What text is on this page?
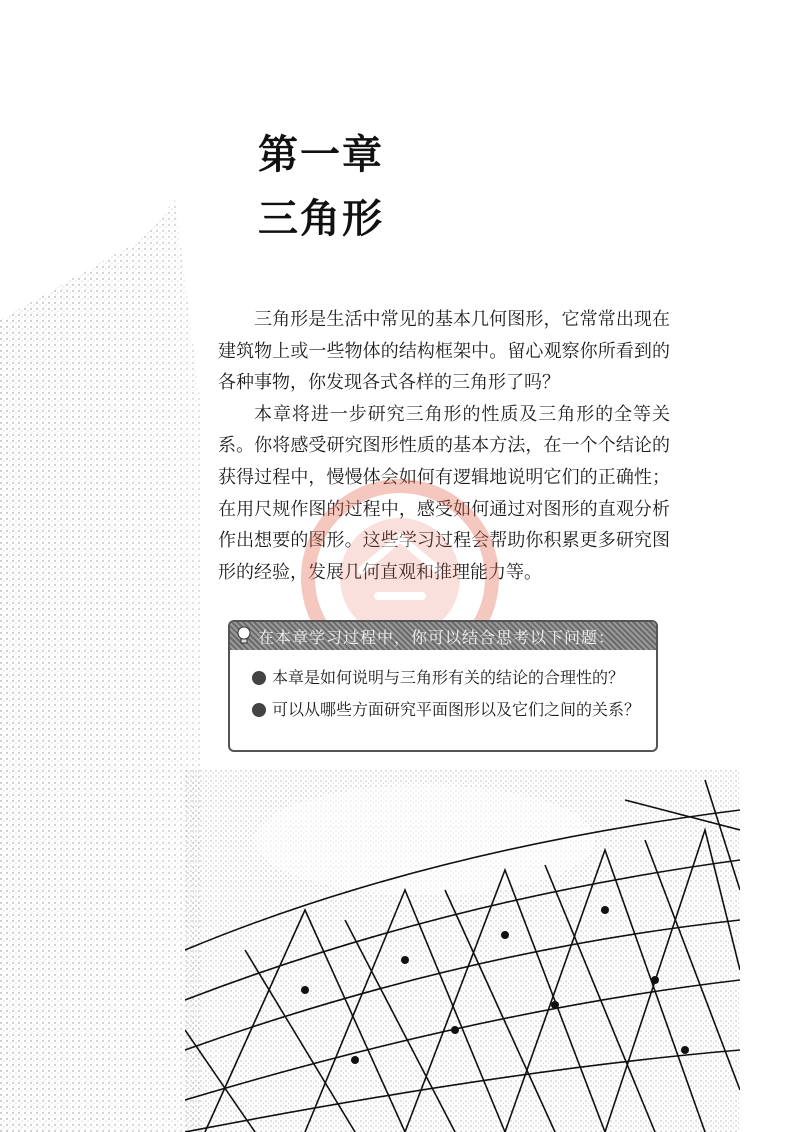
第一章
三角形

三角形是生活中常见的基本几何图形，它常常出现在建筑物上或一些物体的结构框架中。留心观察你所看到的各种事物，你发现各式各样的三角形了吗？

本章将进一步研究三角形的性质及三角形的全等关系。你将感受研究图形性质的基本方法，在一个个结论的获得过程中，慢慢体会如何有逻辑地说明它们的正确性；在用尺规作图的过程中，感受如何通过对图形的直观分析作出想要的图形。这些学习过程会帮助你积累更多研究图形的经验，发展几何直观和推理能力等。

在本章学习过程中，你可以结合思考以下问题：
本章是如何说明与三角形有关的结论的合理性的？
可以从哪些方面研究平面图形以及它们之间的关系？
